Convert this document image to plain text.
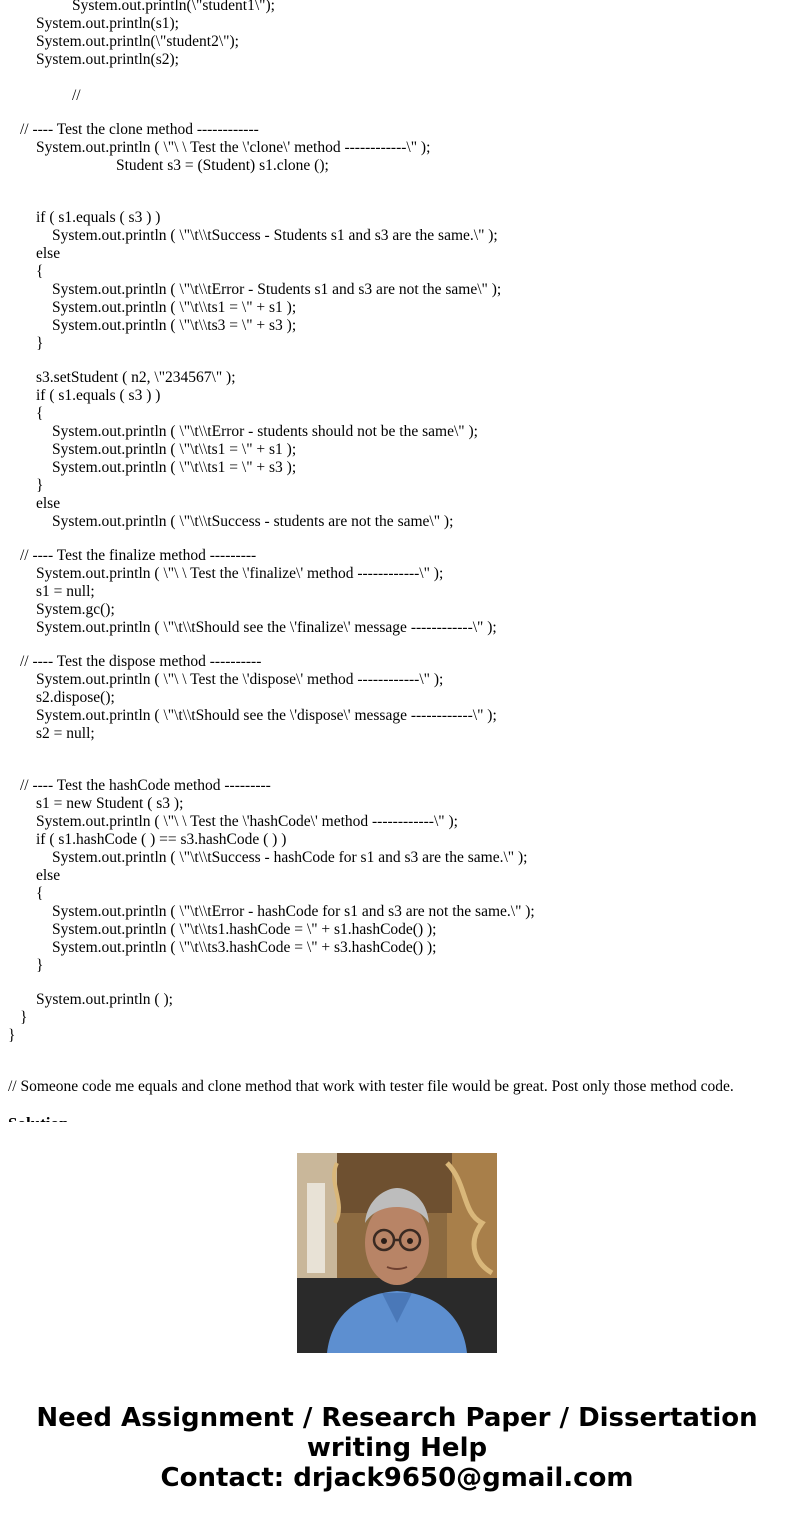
System.out.println(\"student1\");
System.out.println(s1);
System.out.println(\"student2\");
System.out.println(s2);
//
// ---- Test the clone method ------------
System.out.println ( \"\ \ Test the \'clone\' method ------------\" );
Student s3 = (Student) s1.clone ();
if ( s1.equals ( s3 ) )
System.out.println ( \"\t\\tSuccess - Students s1 and s3 are the same.\" );
else
{
System.out.println ( \"\t\\tError - Students s1 and s3 are not the same\" );
System.out.println ( \"\t\\ts1 = \" + s1 );
System.out.println ( \"\t\\ts3 = \" + s3 );
}
s3.setStudent ( n2, \"234567\" );
if ( s1.equals ( s3 ) )
{
System.out.println ( \"\t\\tError - students should not be the same\" );
System.out.println ( \"\t\\ts1 = \" + s1 );
System.out.println ( \"\t\\ts1 = \" + s3 );
}
else
System.out.println ( \"\t\\tSuccess - students are not the same\" );
// ---- Test the finalize method ---------
System.out.println ( \"\ \ Test the \'finalize\' method ------------\" );
s1 = null;
System.gc();
System.out.println ( \"\t\\tShould see the \'finalize\' message ------------\" );
// ---- Test the dispose method ----------
System.out.println ( \"\ \ Test the \'dispose\' method ------------\" );
s2.dispose();
System.out.println ( \"\t\\tShould see the \'dispose\' message ------------\" );
s2 = null;
// ---- Test the hashCode method ---------
s1 = new Student ( s3 );
System.out.println ( \"\ \ Test the \'hashCode\' method ------------\" );
if ( s1.hashCode ( ) == s3.hashCode ( ) )
System.out.println ( \"\t\\tSuccess - hashCode for s1 and s3 are the same.\" );
else
{
System.out.println ( \"\t\\tError - hashCode for s1 and s3 are not the same.\" );
System.out.println ( \"\t\\ts1.hashCode = \" + s1.hashCode() );
System.out.println ( \"\t\\ts3.hashCode = \" + s3.hashCode() );
}
System.out.println ( );
}
}
// Someone code me equals and clone method that work with tester file would be great. Post only those method code.
Need Assignment / Research Paper / Dissertation
writing Help
Contact: drjack9650@gmail.com
